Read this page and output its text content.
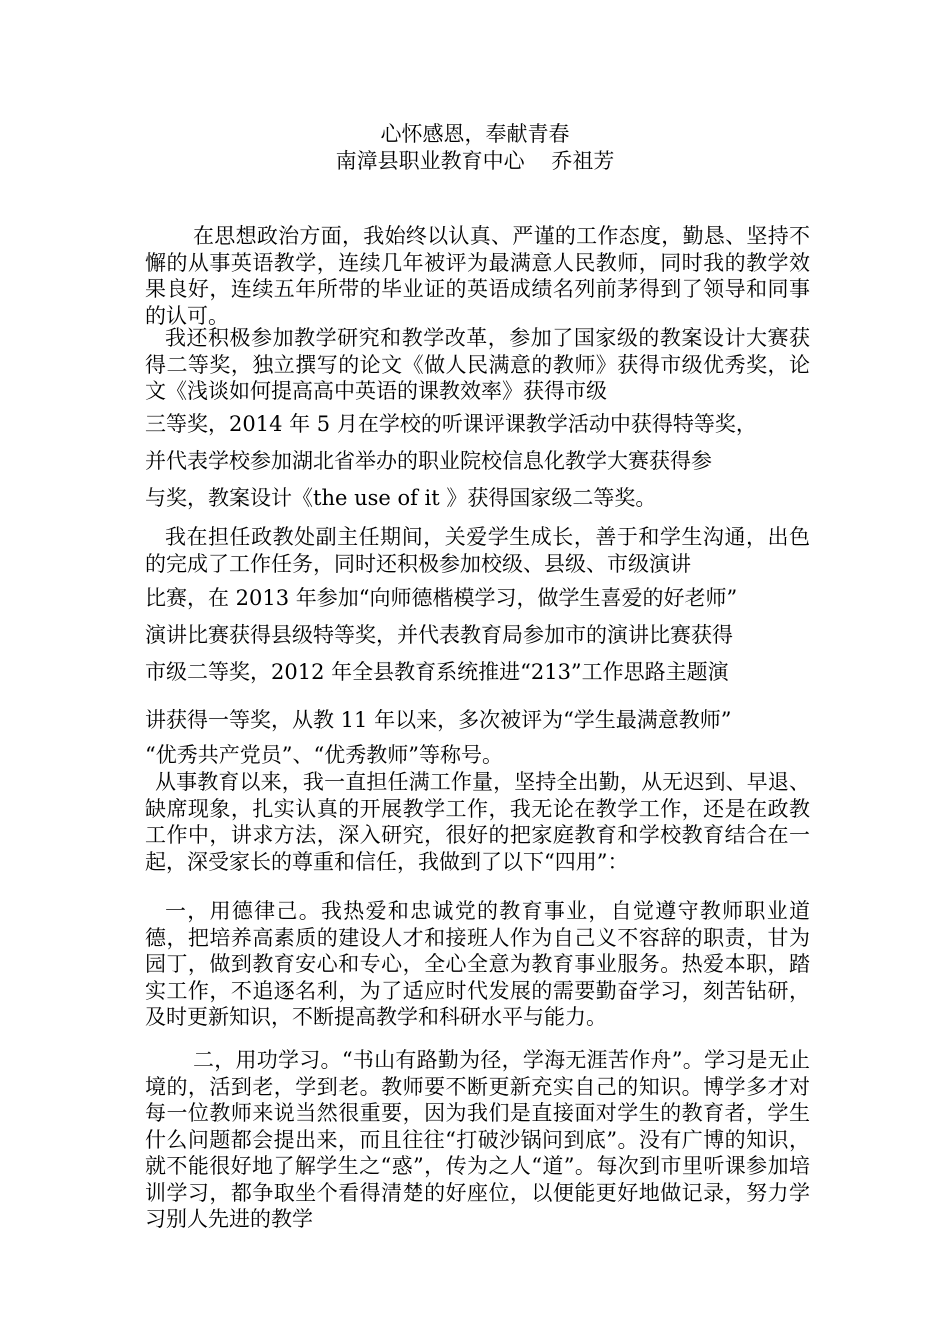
心怀感恩，奉献青春
南漳县职业教育中心    乔祖芳
在思想政治方面，我始终以认真、严谨的工作态度，勤恳、坚持不懈的从事英语教学，连续几年被评为最满意人民教师，同时我的教学效果良好，连续五年所带的毕业证的英语成绩名列前茅得到了领导和同事的认可。
我还积极参加教学研究和教学改革，参加了国家级的教案设计大赛获得二等奖，独立撰写的论文《做人民满意的教师》获得市级优秀奖，论文《浅谈如何提高高中英语的课教效率》获得市级
三等奖，2014 年 5 月在学校的听课评课教学活动中获得特等奖，
并代表学校参加湖北省举办的职业院校信息化教学大赛获得参
与奖，教案设计《the use of it 》获得国家级二等奖。
我在担任政教处副主任期间，关爱学生成长，善于和学生沟通，出色的完成了工作任务，同时还积极参加校级、县级、市级演讲
比赛，在 2013 年参加“向师德楷模学习，做学生喜爱的好老师”
演讲比赛获得县级特等奖，并代表教育局参加市的演讲比赛获得
市级二等奖，2012 年全县教育系统推进“213”工作思路主题演
讲获得一等奖，从教 11 年以来，多次被评为“学生最满意教师”
“优秀共产党员”、“优秀教师”等称号。
从事教育以来，我一直担任满工作量，坚持全出勤，从无迟到、早退、缺席现象，扎实认真的开展教学工作，我无论在教学工作，还是在政教工作中，讲求方法，深入研究，很好的把家庭教育和学校教育结合在一起，深受家长的尊重和信任，我做到了以下“四用”：
一，用德律己。我热爱和忠诚党的教育事业，自觉遵守教师职业道德，把培养高素质的建设人才和接班人作为自己义不容辞的职责，甘为园丁，做到教育安心和专心，全心全意为教育事业服务。热爱本职，踏实工作，不追逐名利，为了适应时代发展的需要勤奋学习，刻苦钻研，及时更新知识，不断提高教学和科研水平与能力。
二，用功学习。“书山有路勤为径，学海无涯苦作舟”。学习是无止境的，活到老，学到老。教师要不断更新充实自己的知识。博学多才对每一位教师来说当然很重要，因为我们是直接面对学生的教育者，学生什么问题都会提出来，而且往往“打破沙锅问到底”。没有广博的知识，就不能很好地了解学生之“惑”，传为之人“道”。每次到市里听课参加培训学习，都争取坐个看得清楚的好座位，以便能更好地做记录，努力学习别人先进的教学
